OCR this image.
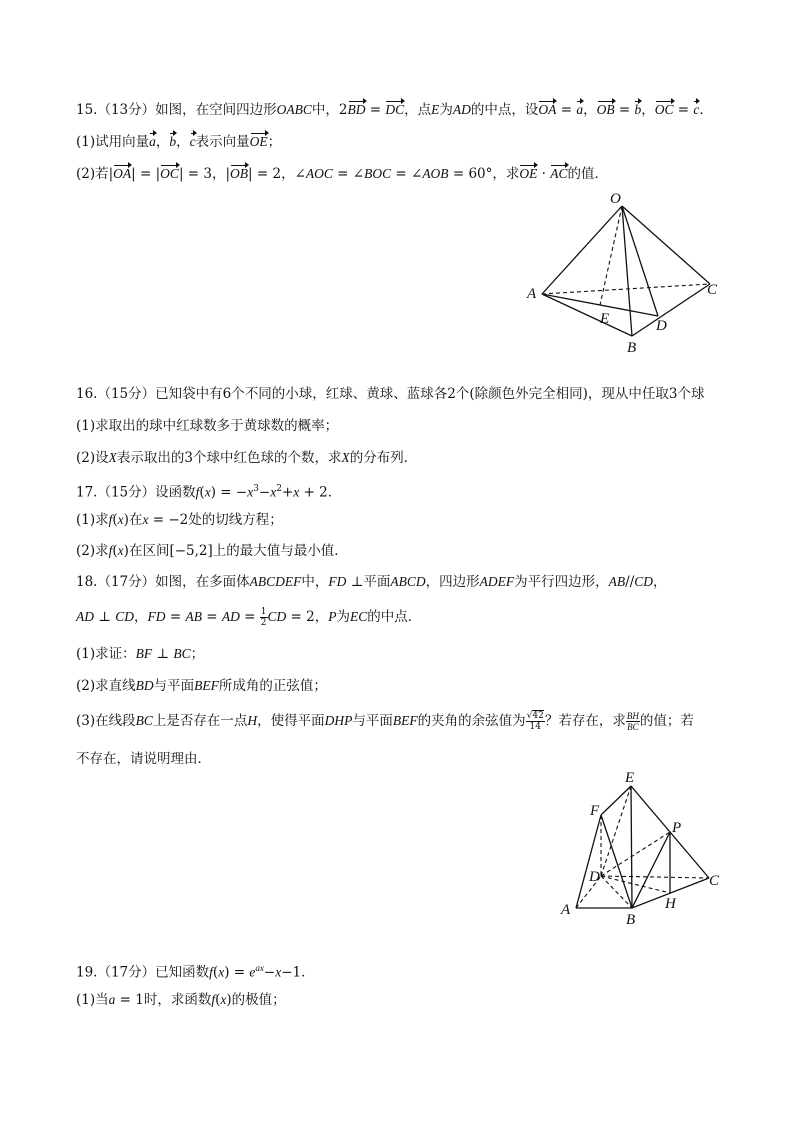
15.（13分）如图，在空间四边形OABC中，2BD = DC，点E为AD的中点，设OA = a，OB = b，OC = c．
(1)试用向量a，b，c表示向量OE；
(2)若|OA| = |OC| = 3，|OB| = 2，∠AOC = ∠BOC = ∠AOB = 60°，求OE · AC的值．
O
A	C
E	D
B
16.（15分）已知袋中有6个不同的小球，红球、黄球、蓝球各2个(除颜色外完全相同)，现从中任取3个球
(1)求取出的球中红球数多于黄球数的概率；
(2)设X表示取出的3个球中红色球的个数，求X的分布列．
17.（15分）设函数$f(x) = -x^3-x^2+x + 2$．
(1)求f(x)在x = −2处的切线方程；
(2)求f(x)在区间[−5,2]上的最大值与最小值．
18.（17分）如图，在多面体ABCDEF中，FD ⊥平面ABCD，四边形ADEF为平行四边形，AB//CD，
AD ⊥ CD，FD = AB = AD = $\frac{1}{2}$ CD = 2，P为EC的中点．
(1)求证：BF ⊥ BC；
(2)求直线BD与平面BEF所成角的正弦值；
(3)在线段BC上是否存在一点H，使得平面DHP与平面BEF的夹角的余弦值为 $\frac{√42}{14}$ ？若存在，求 $\frac{BH}{BC}$ 的值；若
不存在，请说明理由．
E
F
P
D	C
H
A
B
19.（17分）已知函数$f(x) = e^{ax}-x-1$．
(1)当a = 1时，求函数f(x)的极值；
